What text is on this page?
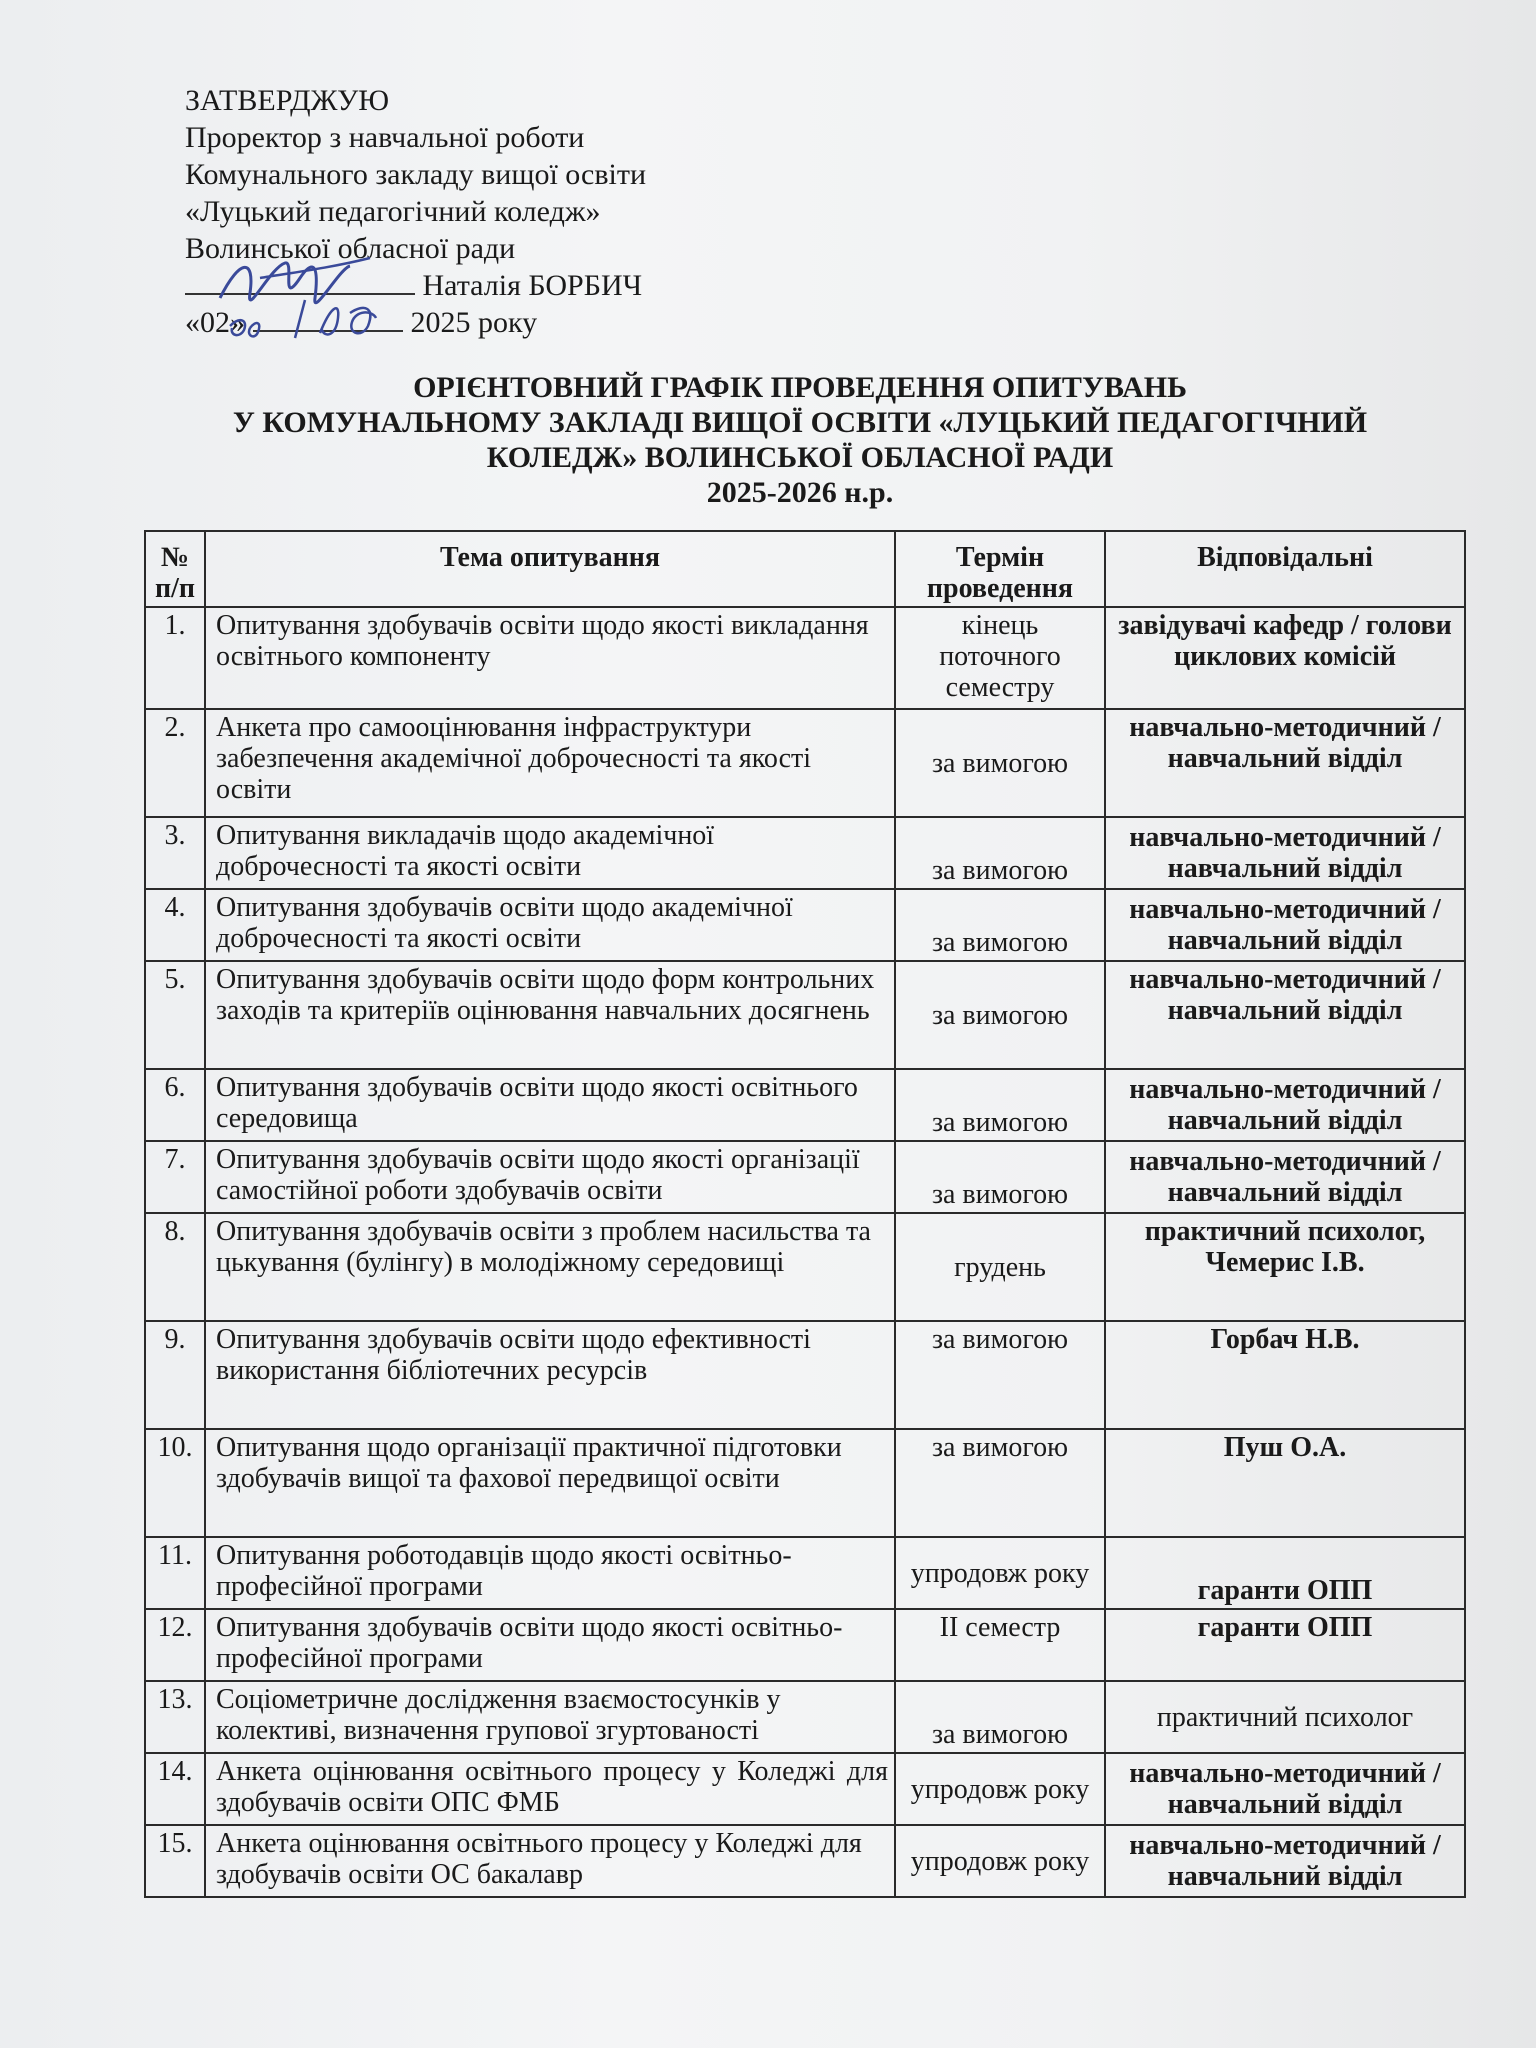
ЗАТВЕРДЖУЮ
Проректор з навчальної роботи
Комунального закладу вищої освіти
«Луцький педагогічний коледж»
Волинської обласної ради
Наталія БОРБИЧ
«02»	2025 року
ОРІЄНТОВНИЙ ГРАФІК ПРОВЕДЕННЯ ОПИТУВАНЬ
У КОМУНАЛЬНОМУ ЗАКЛАДІ ВИЩОЇ ОСВІТИ «ЛУЦЬКИЙ ПЕДАГОГІЧНИЙ
КОЛЕДЖ» ВОЛИНСЬКОЇ ОБЛАСНОЇ РАДИ
2025-2026 н.р.
№ п/п	Тема опитування	Термін проведення	Відповідальні
1.	Опитування здобувачів освіти щодо якості викладання освітнього компоненту	кінець поточного семестру	завідувачі кафедр / голови циклових комісій
2.	Анкета про самооцінювання інфраструктури забезпечення академічної доброчесності та якості освіти	за вимогою	навчально-методичний / навчальний відділ
3.	Опитування викладачів щодо академічної доброчесності та якості освіти	за вимогою	навчально-методичний / навчальний відділ
4.	Опитування здобувачів освіти щодо академічної доброчесності та якості освіти	за вимогою	навчально-методичний / навчальний відділ
5.	Опитування здобувачів освіти щодо форм контрольних заходів та критеріїв оцінювання навчальних досягнень	за вимогою	навчально-методичний / навчальний відділ
6.	Опитування здобувачів освіти щодо якості освітнього середовища	за вимогою	навчально-методичний / навчальний відділ
7.	Опитування здобувачів освіти щодо якості організації самостійної роботи здобувачів освіти	за вимогою	навчально-методичний / навчальний відділ
8.	Опитування здобувачів освіти з проблем насильства та цькування (булінгу) в молодіжному середовищі	грудень	практичний психолог, Чемерис І.В.
9.	Опитування здобувачів освіти щодо ефективності використання бібліотечних ресурсів	за вимогою	Горбач Н.В.
10.	Опитування щодо організації практичної підготовки здобувачів вищої та фахової передвищої освіти	за вимогою	Пуш О.А.
11.	Опитування роботодавців щодо якості освітньо-професійної програми	упродовж року	гаранти ОПП
12.	Опитування здобувачів освіти щодо якості освітньо-професійної програми	ІІ семестр	гаранти ОПП
13.	Соціометричне дослідження взаємостосунків у колективі, визначення групової згуртованості	за вимогою	практичний психолог
14.	Анкета оцінювання освітнього процесу у Коледжі для здобувачів освіти ОПС ФМБ	упродовж року	навчально-методичний / навчальний відділ
15.	Анкета оцінювання освітнього процесу у Коледжі для здобувачів освіти ОС бакалавр	упродовж року	навчально-методичний / навчальний відділ
